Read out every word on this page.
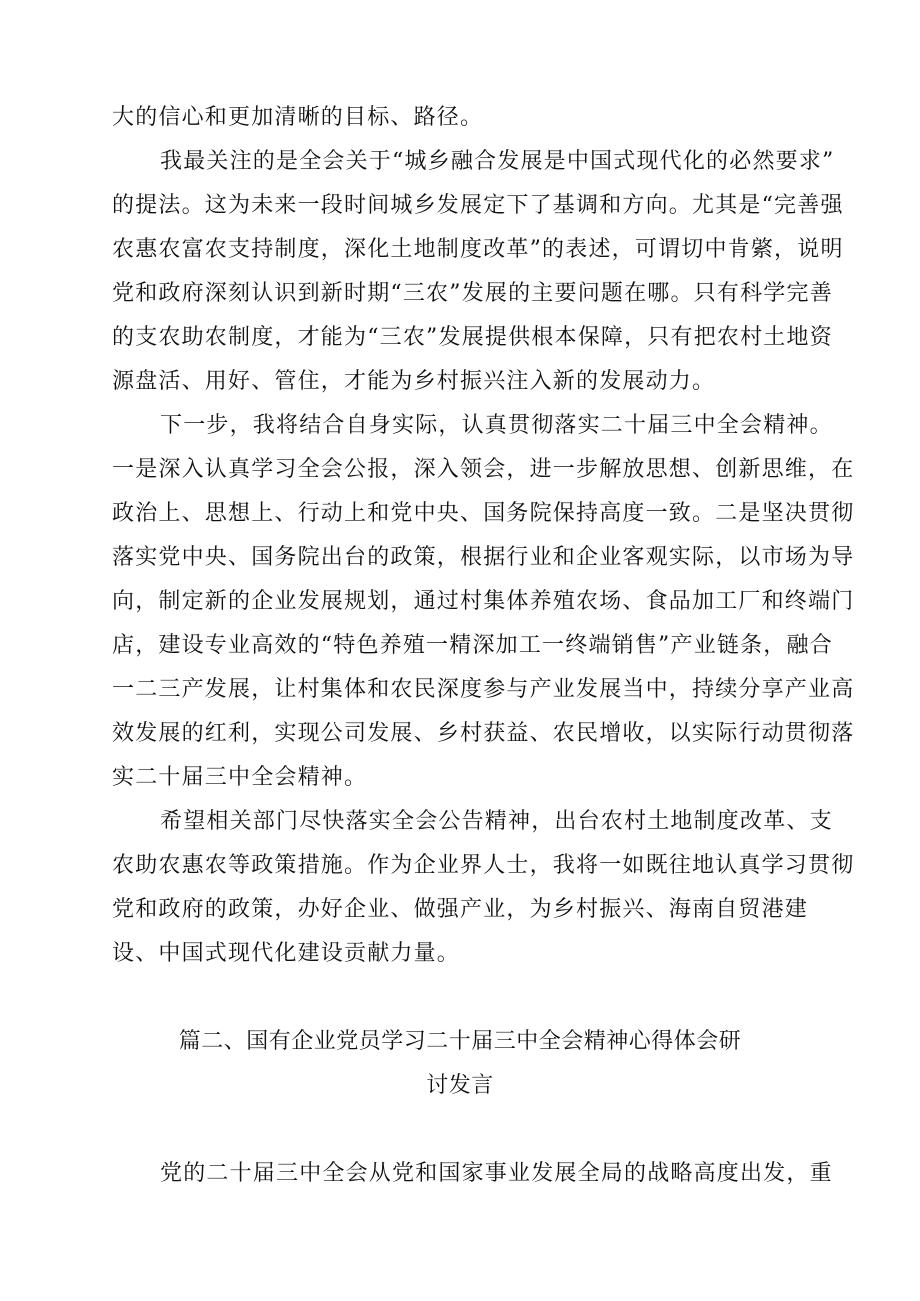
大的信心和更加清晰的目标、路径。
我最关注的是全会关于“城乡融合发展是中国式现代化的必然要求”
的提法。这为未来一段时间城乡发展定下了基调和方向。尤其是“完善强
农惠农富农支持制度，深化土地制度改革”的表述，可谓切中肯綮，说明
党和政府深刻认识到新时期“三农”发展的主要问题在哪。只有科学完善
的支农助农制度，才能为“三农”发展提供根本保障，只有把农村土地资
源盘活、用好、管住，才能为乡村振兴注入新的发展动力。
下一步，我将结合自身实际，认真贯彻落实二十届三中全会精神。
一是深入认真学习全会公报，深入领会，进一步解放思想、创新思维，在
政治上、思想上、行动上和党中央、国务院保持高度一致。二是坚决贯彻
落实党中央、国务院出台的政策，根据行业和企业客观实际，以市场为导
向，制定新的企业发展规划，通过村集体养殖农场、食品加工厂和终端门
店，建设专业高效的“特色养殖一精深加工一终端销售”产业链条，融合
一二三产发展，让村集体和农民深度参与产业发展当中，持续分享产业高
效发展的红利，实现公司发展、乡村获益、农民增收，以实际行动贯彻落
实二十届三中全会精神。
希望相关部门尽快落实全会公告精神，出台农村土地制度改革、支
农助农惠农等政策措施。作为企业界人士，我将一如既往地认真学习贯彻
党和政府的政策，办好企业、做强产业，为乡村振兴、海南自贸港建
设、中国式现代化建设贡献力量。
篇二、国有企业党员学习二十届三中全会精神心得体会研
讨发言
党的二十届三中全会从党和国家事业发展全局的战略高度出发，重
